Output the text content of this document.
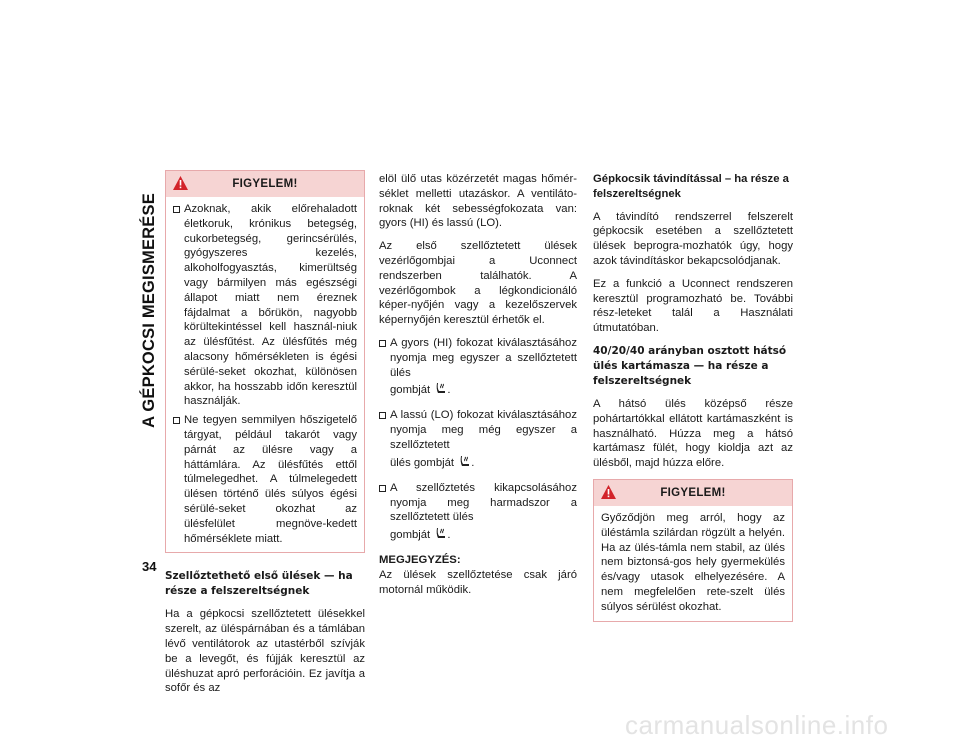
A GÉPKOCSI MEGISMERÉSE
34
FIGYELEM!
Azoknak, akik előrehaladott életkoruk, krónikus betegség, cukorbetegség, gerincsérülés, gyógyszeres kezelés, alkoholfogyasztás, kimerültség vagy bármilyen más egészségi állapot miatt nem éreznek fájdalmat a bőrükön, nagyobb körültekintéssel kell használ-niuk az ülésfűtést. Az ülésfűtés még alacsony hőmérsékleten is égési sérülé-seket okozhat, különösen akkor, ha hosszabb időn keresztül használják.
Ne tegyen semmilyen hőszigetelő tárgyat, például takarót vagy párnát az ülésre vagy a háttámlára. Az ülésfűtés ettől túlmelegedhet. A túlmelegedett ülésen történő ülés súlyos égési sérülé-seket okozhat az ülésfelület megnöve-kedett hőmérséklete miatt.
Szellőztethető első ülések — ha része a felszereltségnek

Ha a gépkocsi szellőztetett ülésekkel szerelt, az üléspárnában és a támlában lévő ventilátorok az utastérből szívják be a levegőt, és fújják keresztül az üléshuzat apró perforációin. Ez javítja a sofőr és az

elöl ülő utas közérzetét magas hőmér-séklet melletti utazáskor. A ventiláto-roknak két sebességfokozata van: gyors (HI) és lassú (LO).

Az első szellőztetett ülések vezérlőgombjai a Uconnect rendszerben találhatók. A vezérlőgombok a légkondicionáló képer-nyőjén vagy a kezelőszervek képernyőjén keresztül érhetők el.

A gyors (HI) fokozat kiválasztásához nyomja meg egyszer a szellőztetett ülés
gombját .
A lassú (LO) fokozat kiválasztásához nyomja meg még egyszer a szellőztetett
ülés gombját .
A szellőztetés kikapcsolásához nyomja meg harmadszor a szellőztetett ülés
gombját .
MEGJEGYZÉS:

Az ülések szellőztetése csak járó motornál működik.

Gépkocsik távindítással – ha része a felszereltségnek

A távindító rendszerrel felszerelt gépkocsik esetében a szellőztetett ülések beprogra-mozhatók úgy, hogy azok távindításkor bekapcsolódjanak.

Ez a funkció a Uconnect rendszeren keresztül programozható be. További rész-leteket talál a Használati útmutatóban.

40/20/40 arányban osztott hátsó ülés kartámasza — ha része a felszereltségnek

A hátsó ülés középső része pohártartókkal ellátott kartámaszként is használható. Húzza meg a hátsó kartámasz fülét, hogy kioldja azt az ülésből, majd húzza előre.

FIGYELEM!

Győződjön meg arról, hogy az üléstámla szilárdan rögzült a helyén. Ha az ülés-támla nem stabil, az ülés nem biztonsá-gos hely gyermekülés és/vagy utasok elhelyezésére. A nem megfelelően rete-szelt ülés súlyos sérülést okozhat.

carmanualsonline.info
